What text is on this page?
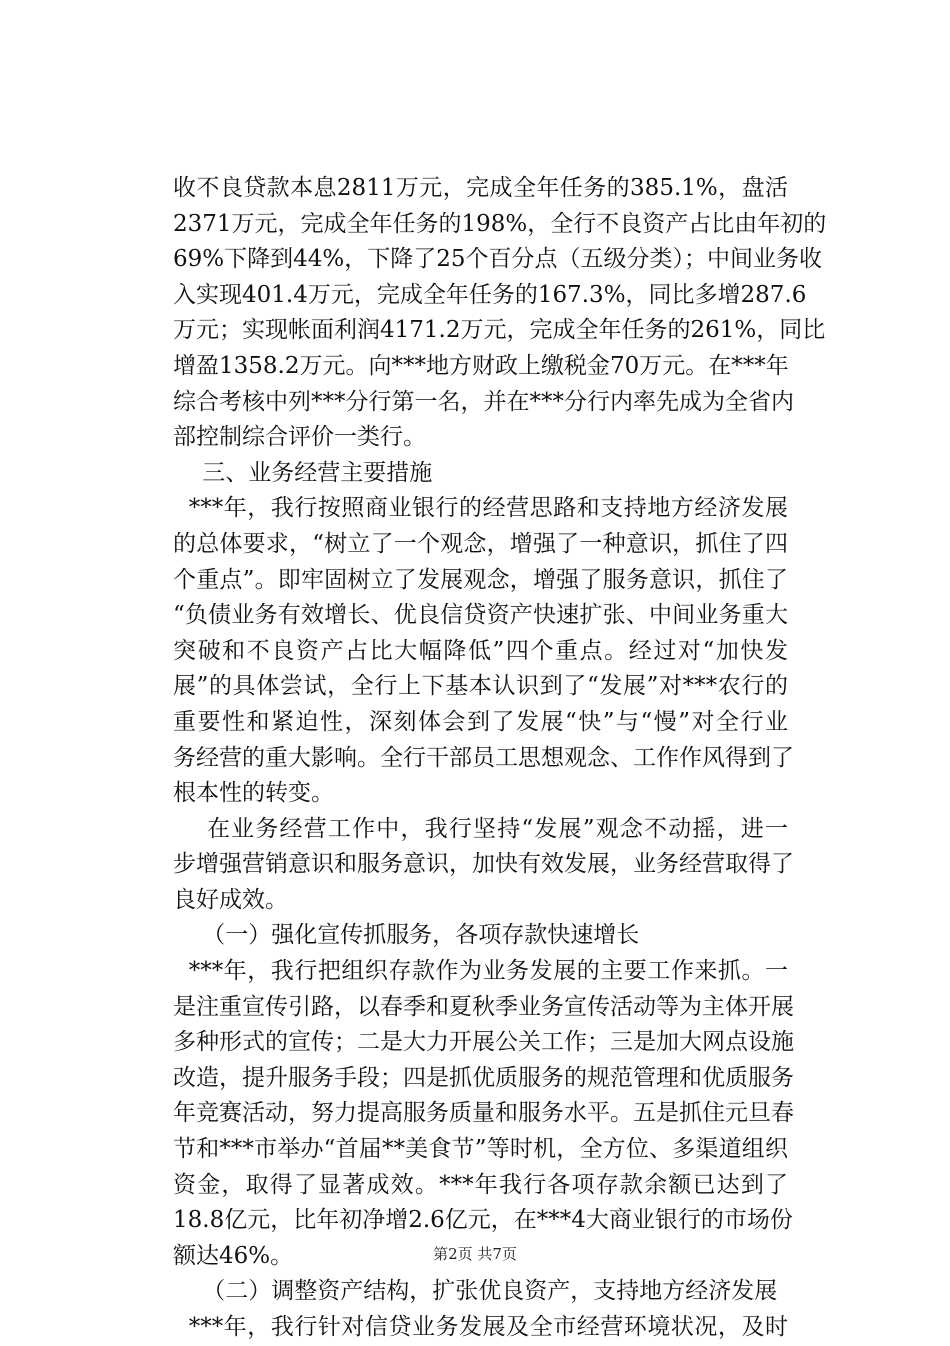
收不良贷款本息2811万元，完成全年任务的385.1%，盘活
2371万元，完成全年任务的198%，全行不良资产占比由年初的
69%下降到44%，下降了25个百分点（五级分类）；中间业务收
入实现401.4万元，完成全年任务的167.3%，同比多增287.6
万元；实现帐面利润4171.2万元，完成全年任务的261%，同比
增盈1358.2万元。向***地方财政上缴税金70万元。在***年
综合考核中列***分行第一名，并在***分行内率先成为全省内
部控制综合评价一类行。
三、业务经营主要措施
***年，我行按照商业银行的经营思路和支持地方经济发展
的总体要求，“树立了一个观念，增强了一种意识，抓住了四
个重点”。即牢固树立了发展观念，增强了服务意识，抓住了
“负债业务有效增长、优良信贷资产快速扩张、中间业务重大
突破和不良资产占比大幅降低”四个重点。经过对“加快发
展”的具体尝试，全行上下基本认识到了“发展”对***农行的
重要性和紧迫性，深刻体会到了发展“快”与“慢”对全行业
务经营的重大影响。全行干部员工思想观念、工作作风得到了
根本性的转变。
在业务经营工作中，我行坚持“发展”观念不动摇，进一
步增强营销意识和服务意识，加快有效发展，业务经营取得了
良好成效。
（一）强化宣传抓服务，各项存款快速增长
***年，我行把组织存款作为业务发展的主要工作来抓。一
是注重宣传引路，以春季和夏秋季业务宣传活动等为主体开展
多种形式的宣传；二是大力开展公关工作；三是加大网点设施
改造，提升服务手段；四是抓优质服务的规范管理和优质服务
年竞赛活动，努力提高服务质量和服务水平。五是抓住元旦春
节和***市举办“首届**美食节”等时机，全方位、多渠道组织
资金，取得了显著成效。***年我行各项存款余额已达到了
18.8亿元，比年初净增2.6亿元，在***4大商业银行的市场份
额达46%。
（二）调整资产结构，扩张优良资产，支持地方经济发展
***年，我行针对信贷业务发展及全市经营环境状况，及时
第2页 共7页
